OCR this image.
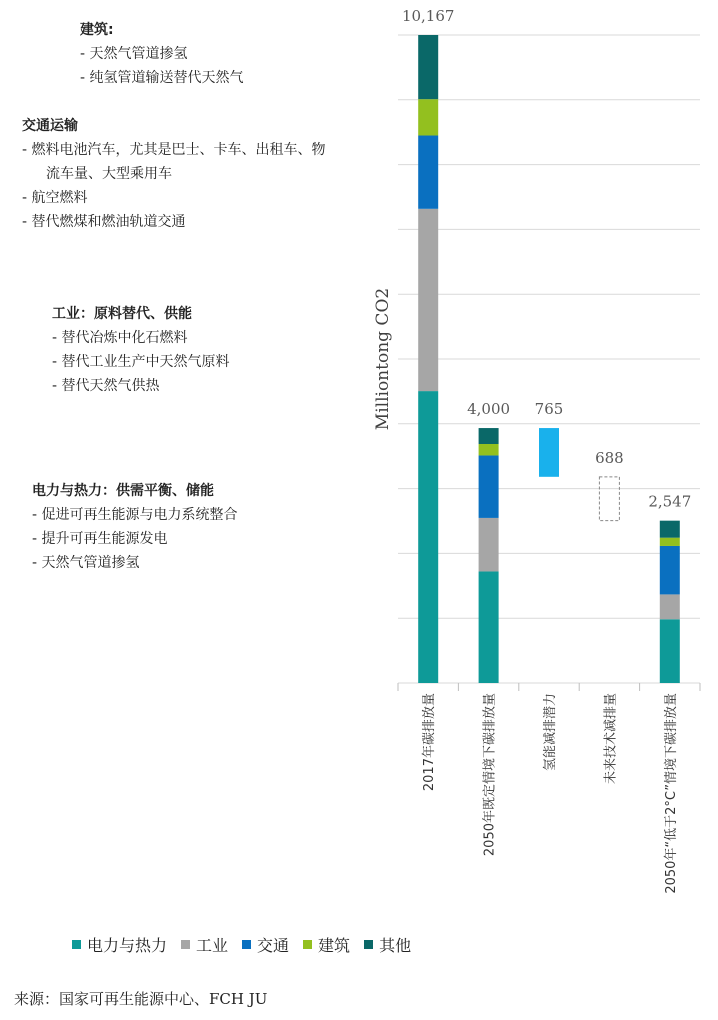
建筑:
- 天然气管道掺氢
- 纯氢管道输送替代天然气
交通运输
- 燃料电池汽车，尤其是巴士、卡车、出租车、物
流车量、大型乘用车
- 航空燃料
- 替代燃煤和燃油轨道交通
工业：原料替代、供能
- 替代冶炼中化石燃料
- 替代工业生产中天然气原料
- 替代天然气供热
电力与热力：供需平衡、储能
- 促进可再生能源与电力系统整合
- 提升可再生能源发电
- 天然气管道掺氢
10,167
4,000 765
688
2,547
Milliontong CO2
2017年碳排放量	2050年既定情境下碳排放量	氢能减排潜力	未来技术减排量	2050年“低于2°C”情境下碳排放量
电力与热力 工业 交通 建筑 其他
来源：国家可再生能源中心、FCH JU
